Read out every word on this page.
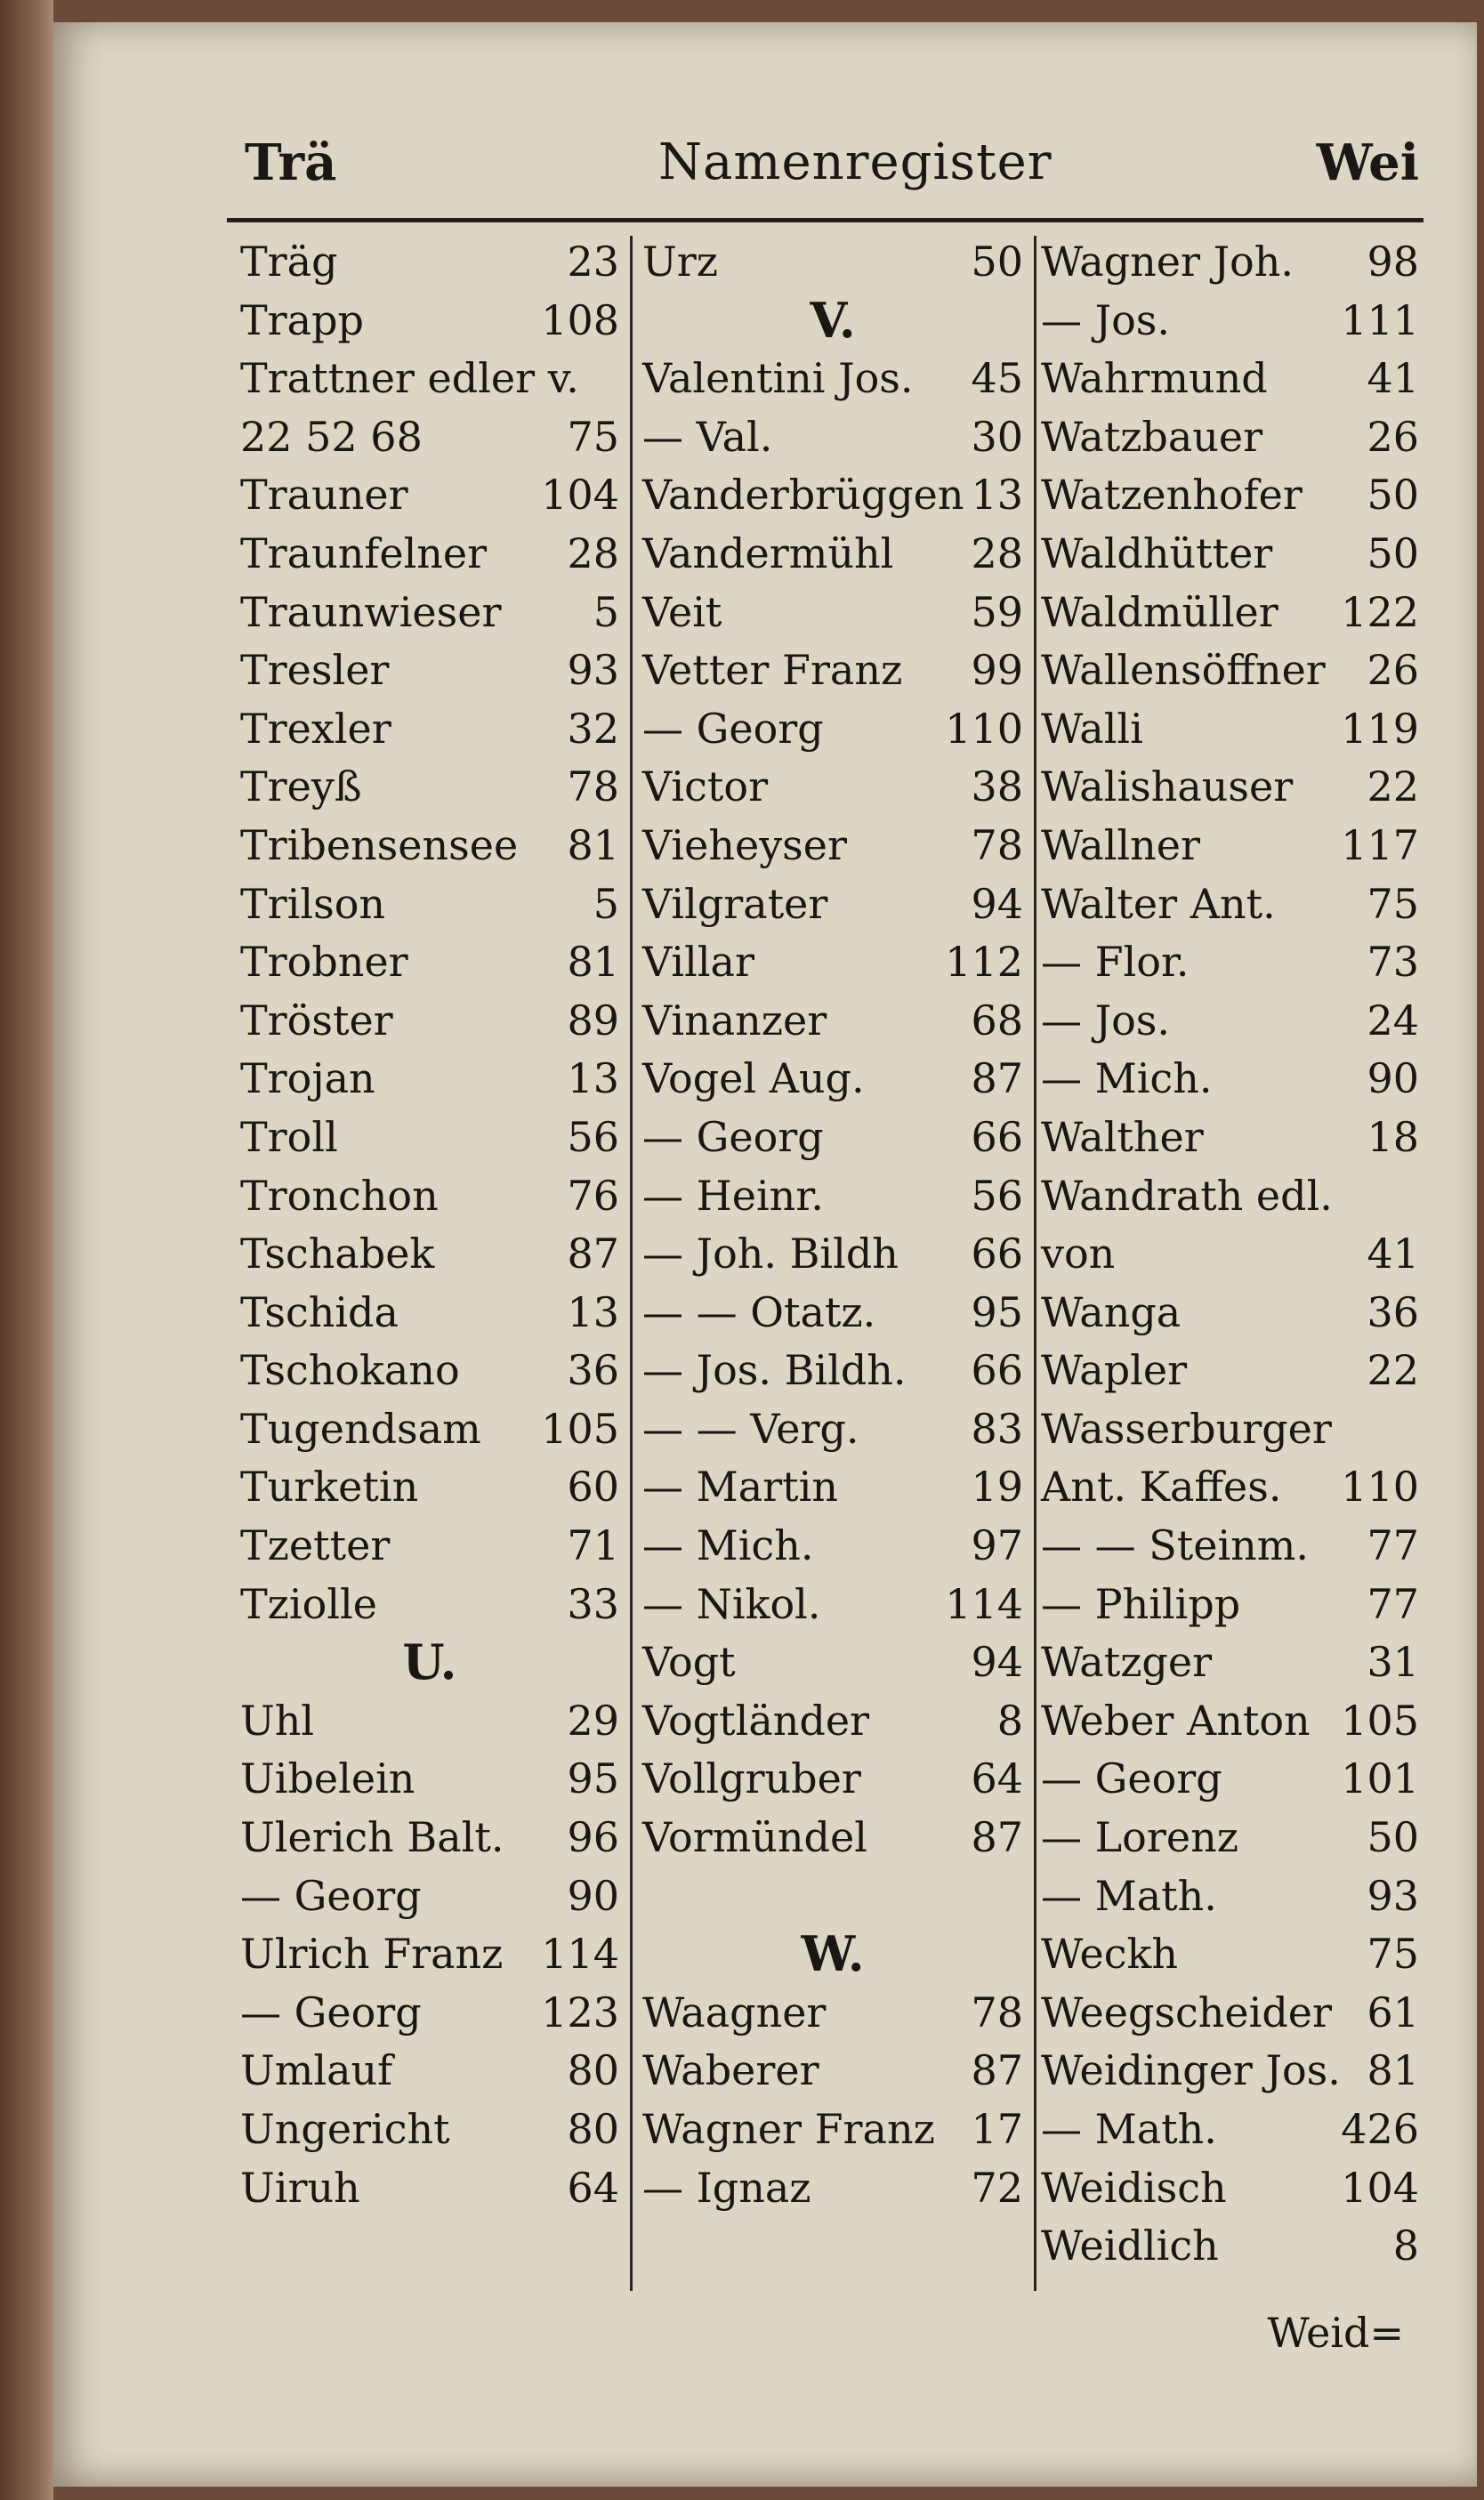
Trä	Namenregister	Wei
Träg	23
Trapp	108
Trattner edler v.
22 52 68	75
Trauner	104
Traunfelner 28
Traunwieser 5
Tresler	93
Trexler	32
Treyß	78
Tribensensee 81
Trilson	5
Trobner	81
Tröster	89
Trojan	13
Troll	56
Tronchon	76
Tschabek	87
Tschida	13
Tschokano	36
Tugendsam 105
Turketin	60
Tzetter	71
Tziolle	33
U.
Uhl	29
Uibelein	95
Ulerich Balt. 96
— Georg	90
Ulrich Franz 114
— Georg	123
Umlauf	80
Ungericht	80
Uiruh	64
Urz	50
V.
Valentini Jos. 45
— Val.	30
Vanderbrüggen 13
Vandermühl 28
Veit	59
Vetter Franz 99
— Georg	110
Victor	38
Vieheyser	78
Vilgrater	94
Villar	112
Vinanzer	68
Vogel Aug.	87
— Georg	66
— Heinr.	56
— Joh. Bildh 66
— — Otatz. 95
— Jos. Bildh. 66
— — Verg.	83
— Martin	19
— Mich.	97
— Nikol.	114
Vogt	94
Vogtländer	8
Vollgruber	64
Vormündel	87
W.
Waagner	78
Waberer	87
Wagner Franz 17
— Ignaz	72
Wagner Joh. 98
— Jos.	111
Wahrmund 41
Watzbauer	26
Watzenhofer 50
Waldhütter 50
Waldmüller 122
Wallensöffner 26
Walli	119
Walishauser 22
Wallner	117
Walter Ant. 75
— Flor.	73
— Jos.	24
— Mich.	90
Walther	18
Wandrath edl.
von	41
Wanga	36
Wapler	22
Wasserburger
Ant. Kaffes. 110
— — Steinm. 77
— Philipp	77
Watzger	31
Weber Anton 105
— Georg	101
— Lorenz	50
— Math.	93
Weckh	75
Weegscheider 61
Weidinger Jos. 81
— Math.	426
Weidisch	104
Weidlich	8
Weid=
